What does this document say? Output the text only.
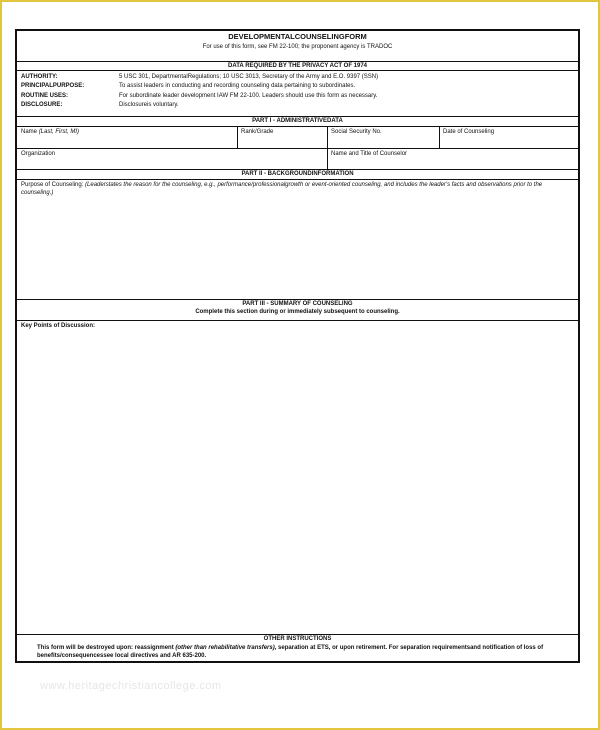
DEVELOPMENTALCOUNSELINGFORM
For use of this form, see FM 22-100; the proponent agency is TRADOC
DATA REQUIRED BY THE PRIVACY ACT OF 1974
AUTHORITY:	5 USC 301, DepartmentalRegulations; 10 USC 3013, Secretary of the Army and E.O. 9397 (SSN)
PRINCIPALPURPOSE:	To assist leaders in conducting and recording counseling data pertaining to subordinates.
ROUTINE USES:	For subordinate leader development IAW FM 22-100. Leaders should use this form as necessary.
DISCLOSURE:	Disclosureis voluntary.
PART I - ADMINISTRATIVEDATA
Name (Last, First, MI)	Rank/Grade	Social Security No.	Date of Counseling
Organization	Name and Title of Counselor
PART II - BACKGROUNDINFORMATION
Purpose of Counseling: (Leaderstates the reason for the counseling, e.g., performance/professionalgrowth or event-oriented counseling, and includes the leader's facts and observations prior to the counseling.)
PART III - SUMMARY OF COUNSELING
Complete this section during or immediately subsequent to counseling.
Key Points of Discussion:
OTHER INSTRUCTIONS
This form will be destroyed upon: reassignment (other than rehabilitative transfers), separation at ETS, or upon retirement. For separation requirementsand notification of loss of benefits/consequencessee local directives and AR 635-200.
www.heritagechristiancollege.com
